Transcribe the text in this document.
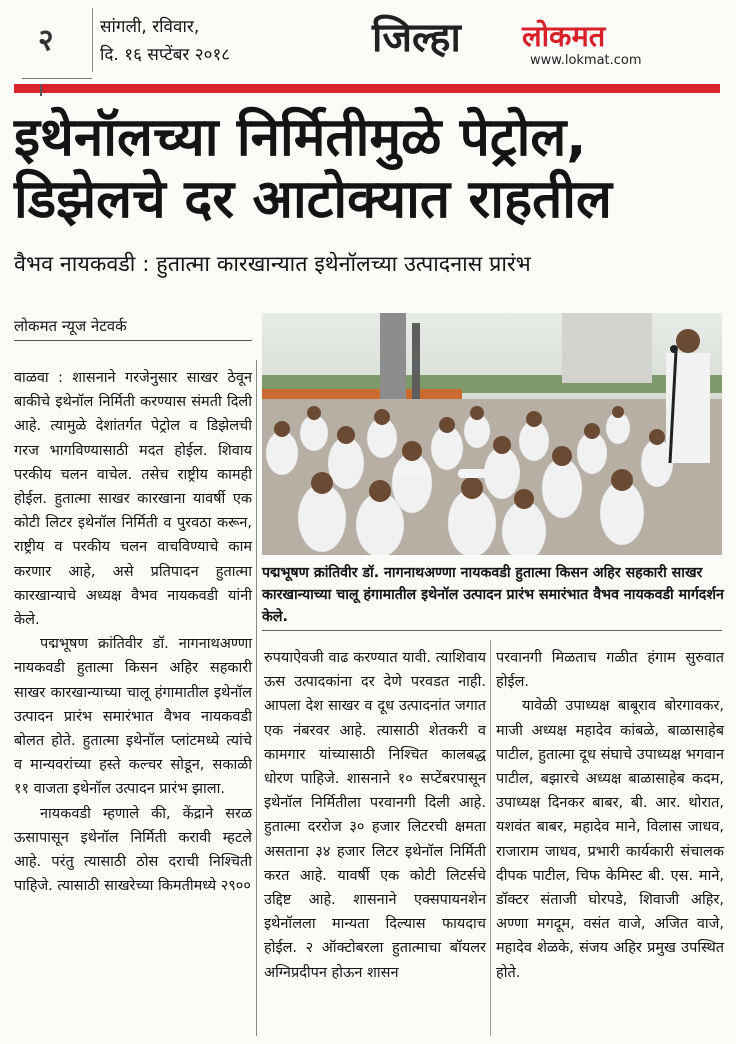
२	सांगली, रविवार,
दि. १६ सप्टेंबर २०१८	जिल्हा लोकमत
www.lokmat.com
इथेनॉलच्या निर्मितीमुळे पेट्रोल,
डिझेलचे दर आटोक्यात राहतील
वैभव नायकवडी : हुतात्मा कारखान्यात इथेनॉलच्या उत्पादनास प्रारंभ
लोकमत न्यूज नेटवर्क
पद्मभूषण क्रांतिवीर डॉ. नागनाथअण्णा नायकवडी हुतात्मा किसन अहिर सहकारी साखर कारखान्याच्या चालू हंगामातील इथेनॉल उत्पादन प्रारंभ समारंभात वैभव नायकवडी मार्गदर्शन केले.

वाळवा : शासनाने गरजेनुसार साखर ठेवून बाकीचे इथेनॉल निर्मिती करण्यास संमती दिली आहे. त्यामुळे देशांतर्गत पेट्रोल व डिझेलची गरज भागविण्यासाठी मदत होईल. शिवाय परकीय चलन वाचेल. तसेच राष्ट्रीय कामही होईल. हुतात्मा साखर कारखाना यावर्षी एक कोटी लिटर इथेनॉल निर्मिती व पुरवठा करून, राष्ट्रीय व परकीय चलन वाचविण्याचे काम करणार आहे, असे प्रतिपादन हुतात्मा कारखान्याचे अध्यक्ष वैभव नायकवडी यांनी केले.

पद्मभूषण क्रांतिवीर डॉ. नागनाथअण्णा नायकवडी हुतात्मा किसन अहिर सहकारी साखर कारखान्याच्या चालू हंगामातील इथेनॉल उत्पादन प्रारंभ समारंभात वैभव नायकवडी बोलत होते. हुतात्मा इथेनॉल प्लांटमध्ये त्यांचे व मान्यवरांच्या हस्ते कल्चर सोडून, सकाळी ११ वाजता इथेनॉल उत्पादन प्रारंभ झाला.

नायकवडी म्हणाले की, केंद्राने सरळ ऊसापासून इथेनॉल निर्मिती करावी म्हटले आहे. परंतु त्यासाठी ठोस दराची निश्चिती पाहिजे. त्यासाठी साखरेच्या किमतीमध्ये २९००

रुपयाऐवजी वाढ करण्यात यावी. त्याशिवाय ऊस उत्पादकांना दर देणे परवडत नाही. आपला देश साखर व दूध उत्पादनांत जगात एक नंबरवर आहे. त्यासाठी शेतकरी व कामगार यांच्यासाठी निश्चित कालबद्ध धोरण पाहिजे. शासनाने १० सप्टेंबरपासून इथेनॉल निर्मितीला परवानगी दिली आहे. हुतात्मा दररोज ३० हजार लिटरची क्षमता असताना ३४ हजार लिटर इथेनॉल निर्मिती करत आहे. यावर्षी एक कोटी लिटर्सचे उद्दिष्ट आहे. शासनाने एक्सपायनशेन इथेनॉलला मान्यता दिल्यास फायदाच होईल. २ ऑक्टोबरला हुतात्माचा बॉयलर अग्निप्रदीपन होऊन शासन

परवानगी मिळताच गळीत हंगाम सुरुवात होईल.

यावेळी उपाध्यक्ष बाबूराव बोरगावकर, माजी अध्यक्ष महादेव कांबळे, बाळासाहेब पाटील, हुतात्मा दूध संघाचे उपाध्यक्ष भगवान पाटील, बझारचे अध्यक्ष बाळासाहेब कदम, उपाध्यक्ष दिनकर बाबर, बी. आर. थोरात, यशवंत बाबर, महादेव माने, विलास जाधव, राजाराम जाधव, प्रभारी कार्यकारी संचालक दीपक पाटील, चिफ केमिस्ट बी. एस. माने, डॉक्टर संताजी घोरपडे, शिवाजी अहिर, अण्णा मगदूम, वसंत वाजे, अजित वाजे, महादेव शेळके, संजय अहिर प्रमुख उपस्थित होते.
